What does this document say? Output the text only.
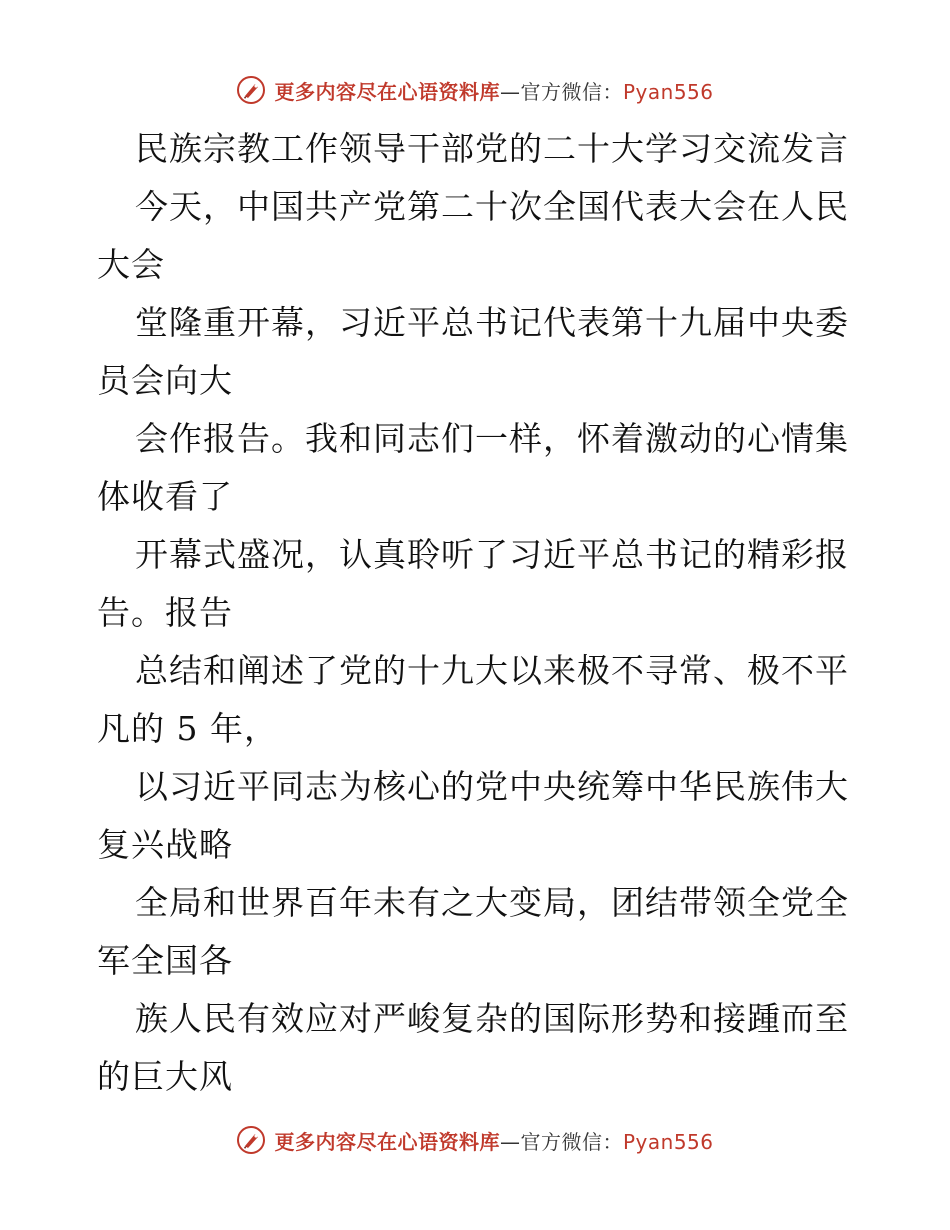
更多内容尽在心语资料库—官方微信：Pyan556
民族宗教工作领导干部党的二十大学习交流发言
今天，中国共产党第二十次全国代表大会在人民
大会
堂隆重开幕，习近平总书记代表第十九届中央委
员会向大
会作报告。我和同志们一样，怀着激动的心情集
体收看了
开幕式盛况，认真聆听了习近平总书记的精彩报
告。报告
总结和阐述了党的十九大以来极不寻常、极不平
凡的 5 年，
以习近平同志为核心的党中央统筹中华民族伟大
复兴战略
全局和世界百年未有之大变局，团结带领全党全
军全国各
族人民有效应对严峻复杂的国际形势和接踵而至
的巨大风
更多内容尽在心语资料库—官方微信：Pyan556
